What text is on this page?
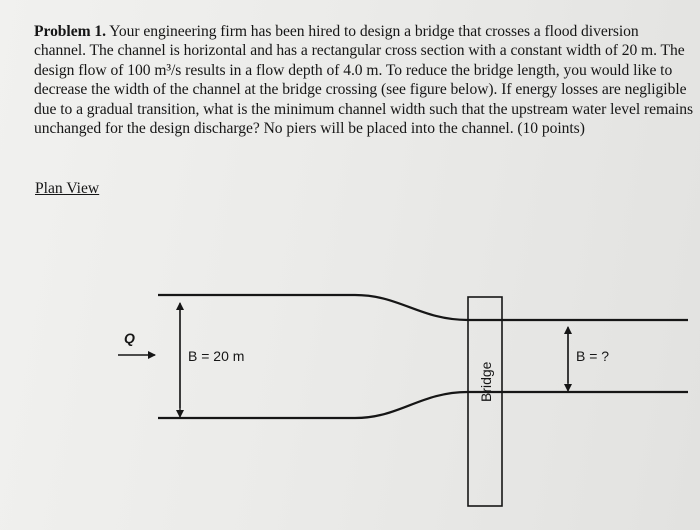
Problem 1. Your engineering firm has been hired to design a bridge that crosses a flood diversion channel. The channel is horizontal and has a rectangular cross section with a constant width of 20 m. The design flow of 100 m³/s results in a flow depth of 4.0 m. To reduce the bridge length, you would like to decrease the width of the channel at the bridge crossing (see figure below). If energy losses are negligible due to a gradual transition, what is the minimum channel width such that the upstream water level remains unchanged for the design discharge? No piers will be placed into the channel. (10 points)

Plan View
Bridge
Q
B = 20 m	B = ?
